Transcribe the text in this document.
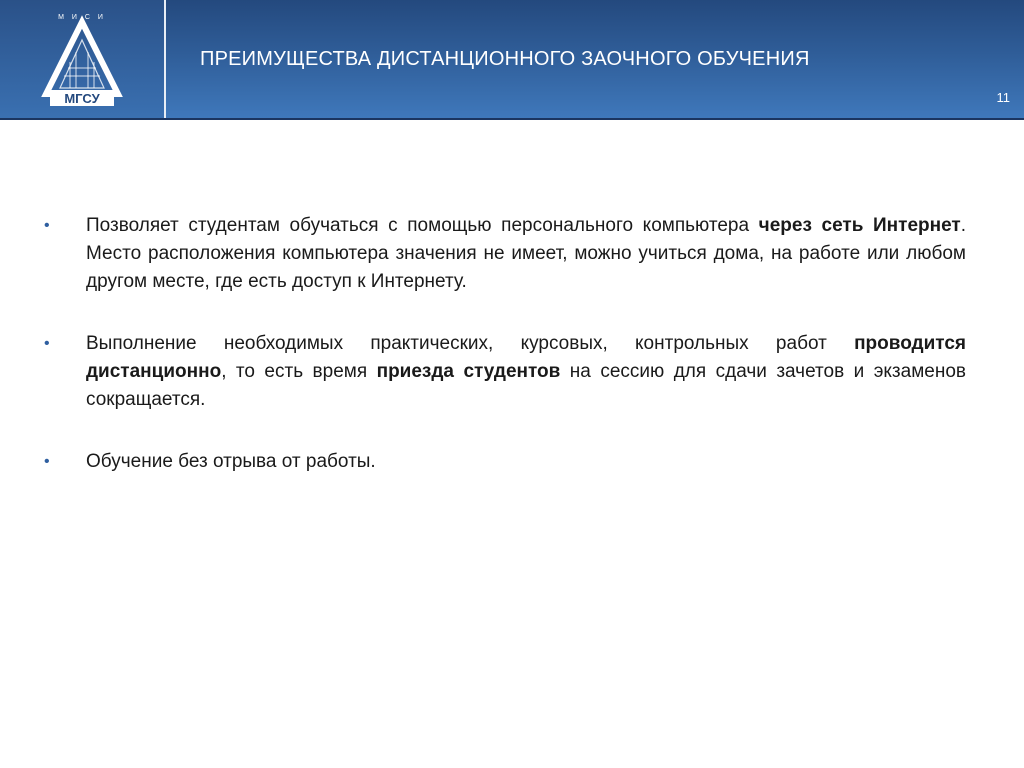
МГСУ
М И С И
ПРЕИМУЩЕСТВА ДИСТАНЦИОННОГО ЗАОЧНОГО ОБУЧЕНИЯ
11
• Позволяет студентам обучаться с помощью персонального компьютера через сеть Интернет. Место расположения компьютера значения не имеет, можно учиться дома, на работе или любом другом месте, где есть доступ к Интернету.
• Выполнение необходимых практических, курсовых, контрольных работ проводится дистанционно, то есть время приезда студентов на сессию для сдачи зачетов и экзаменов сокращается.
• Обучение без отрыва от работы.
